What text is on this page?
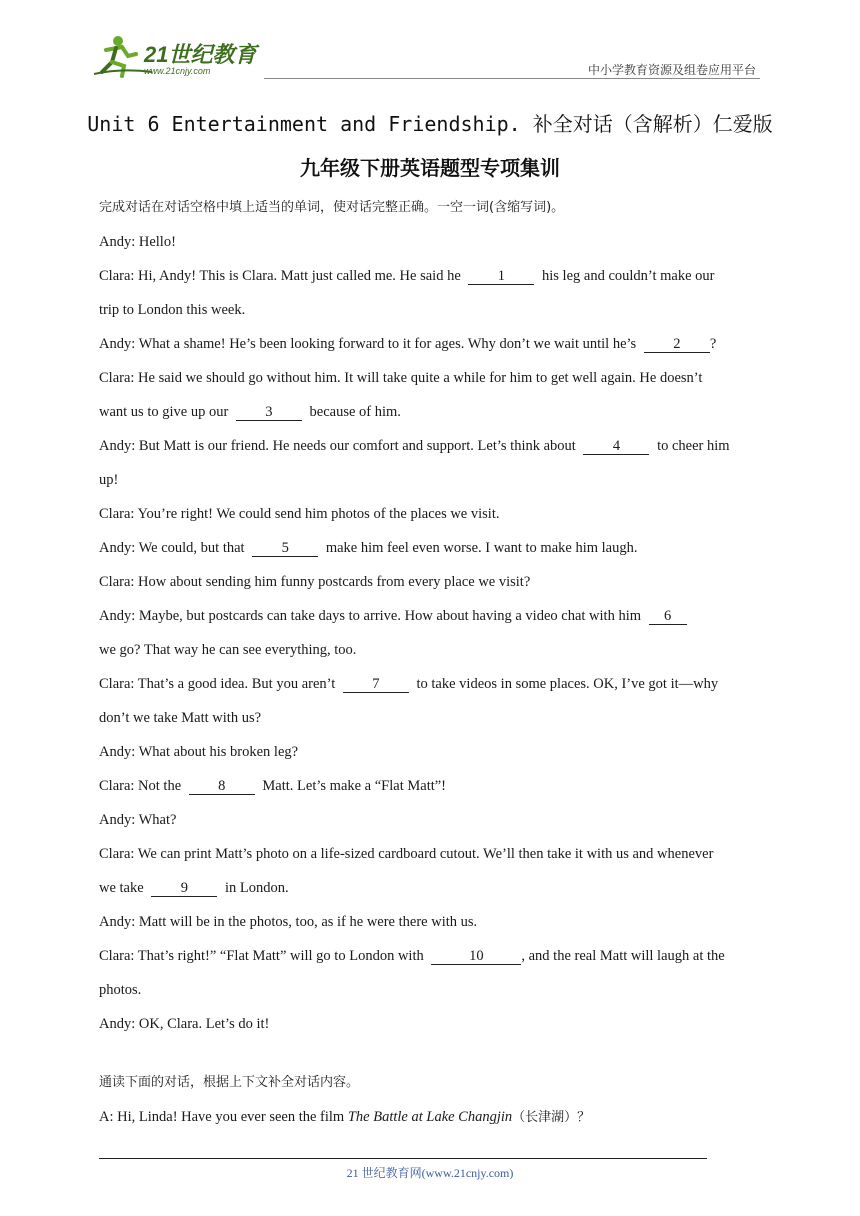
21世纪教育
www.21cnjy.com	中小学教育资源及组卷应用平台
Unit 6 Entertainment and Friendship. 补全对话（含解析）仁爱版
九年级下册英语题型专项集训
完成对话在对话空格中填上适当的单词，使对话完整正确。一空一词(含缩写词)。
Andy: Hello!
Clara: Hi, Andy! This is Clara. Matt just called me. He said he	1	his leg and couldn’t make our
trip to London this week.
Andy: What a shame! He’s been looking forward to it for ages. Why don’t we wait until he’s	2 ?
Clara: He said we should go without him. It will take quite a while for him to get well again. He doesn’t
want us to give up our	3	because of him.
Andy: But Matt is our friend. He needs our comfort and support. Let’s think about	4	to cheer him
up!
Clara: You’re right! We could send him photos of the places we visit.
Andy: We could, but that	5	make him feel even worse. I want to make him laugh.
Clara: How about sending him funny postcards from every place we visit?
Andy: Maybe, but postcards can take days to arrive. How about having a video chat with him 6
we go? That way he can see everything, too.
Clara: That’s a good idea. But you aren’t	7	to take videos in some places. OK, I’ve got it—why
don’t we take Matt with us?
Andy: What about his broken leg?
Clara: Not the	8	Matt. Let’s make a “Flat Matt”!
Andy: What?
Clara: We can print Matt’s photo on a life-sized cardboard cutout. We’ll then take it with us and whenever
we take	9	in London.
Andy: Matt will be in the photos, too, as if he were there with us.
Clara: That’s right!” “Flat Matt” will go to London with	10	, and the real Matt will laugh at the
photos.
Andy: OK, Clara. Let’s do it!
通读下面的对话，根据上下文补全对话内容。
A: Hi, Linda! Have you ever seen the film The Battle at Lake Changjin（长津湖）？
21 世纪教育网(www.21cnjy.com)
